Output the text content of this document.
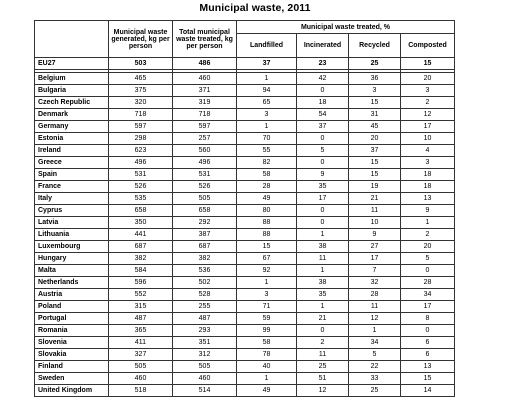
Municipal waste, 2011
	Municipal waste generated, kg per person	Total municipal waste treated, kg per person	Municipal waste treated, %			
			Landfilled	Incinerated	Recycled	Composted
EU27	503	486	37	23	25	15

Belgium	465	460	1	42	36	20
Bulgaria	375	371	94	0	3	3
Czech Republic	320	319	65	18	15	2
Denmark	718	718	3	54	31	12
Germany	597	597	1	37	45	17
Estonia	298	257	70	0	20	10
Ireland	623	560	55	5	37	4
Greece	496	496	82	0	15	3
Spain	531	531	58	9	15	18
France	526	526	28	35	19	18
Italy	535	505	49	17	21	13
Cyprus	658	658	80	0	11	9
Latvia	350	292	88	0	10	1
Lithuania	441	387	88	1	9	2
Luxembourg	687	687	15	38	27	20
Hungary	382	382	67	11	17	5
Malta	584	536	92	1	7	0
Netherlands	596	502	1	38	32	28
Austria	552	528	3	35	28	34
Poland	315	255	71	1	11	17
Portugal	487	487	59	21	12	8
Romania	365	293	99	0	1	0
Slovenia	411	351	58	2	34	6
Slovakia	327	312	78	11	5	6
Finland	505	505	40	25	22	13
Sweden	460	460	1	51	33	15
United Kingdom	518	514	49	12	25	14
